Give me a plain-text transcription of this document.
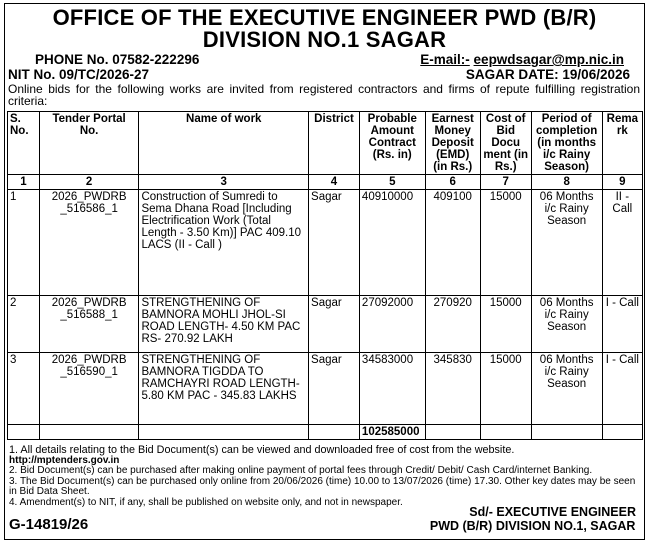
OFFICE OF THE EXECUTIVE ENGINEER PWD (B/R)
DIVISION NO.1 SAGAR
PHONE No. 07582-222296	E-mail:- eepwdsagar@mp.nic.in
NIT No. 09/TC/2026-27	SAGAR DATE: 19/06/2026
Online bids for the following works are invited from registered contractors and firms of repute fulfilling registration criteria:
S. No.	Tender Portal No.	Name of work	District	Probable Amount Contract (Rs. in)	Earnest Money Deposit (EMD) (in Rs.)	Cost of Bid Docu ment (in Rs.)	Period of completion (in months i/c Rainy Season)	Rema rk
1	2	3	4	5	6	7	8	9
1	2026_PWDRB _516586_1	Construction of Sumredi to Sema Dhana Road [Including Electrification Work (Total Length - 3.50 Km)] PAC 409.10 LACS (II - Call )	Sagar	40910000	409100	15000	06 Months i/c Rainy Season	II - Call
2	2026_PWDRB _516588_1	STRENGTHENING OF BAMNORA MOHLI JHOL-SI ROAD LENGTH- 4.50 KM PAC RS- 270.92 LAKH	Sagar	27092000	270920	15000	06 Months i/c Rainy Season	I - Call
3	2026_PWDRB _516590_1	STRENGTHENING OF BAMNORA TIGDDA TO RAMCHAYRI ROAD LENGTH- 5.80 KM PAC - 345.83 LAKHS	Sagar	34583000	345830	15000	06 Months i/c Rainy Season	I - Call
				102585000				
1. All details relating to the Bid Document(s) can be viewed and downloaded free of cost from the website.
http://mptenders.gov.in
2. Bid Document(s) can be purchased after making online payment of portal fees through Credit/ Debit/ Cash Card/internet Banking.
3. The Bid Document(s) can be purchased only online from 20/06/2026 (time) 10.00 to 13/07/2026 (time) 17.30. Other key dates may be seen in Bid Data Sheet.
4. Amendment(s) to NIT, if any, shall be published on website only, and not in newspaper.
G-14819/26
Sd/- EXECUTIVE ENGINEER
PWD (B/R) DIVISION NO.1, SAGAR
